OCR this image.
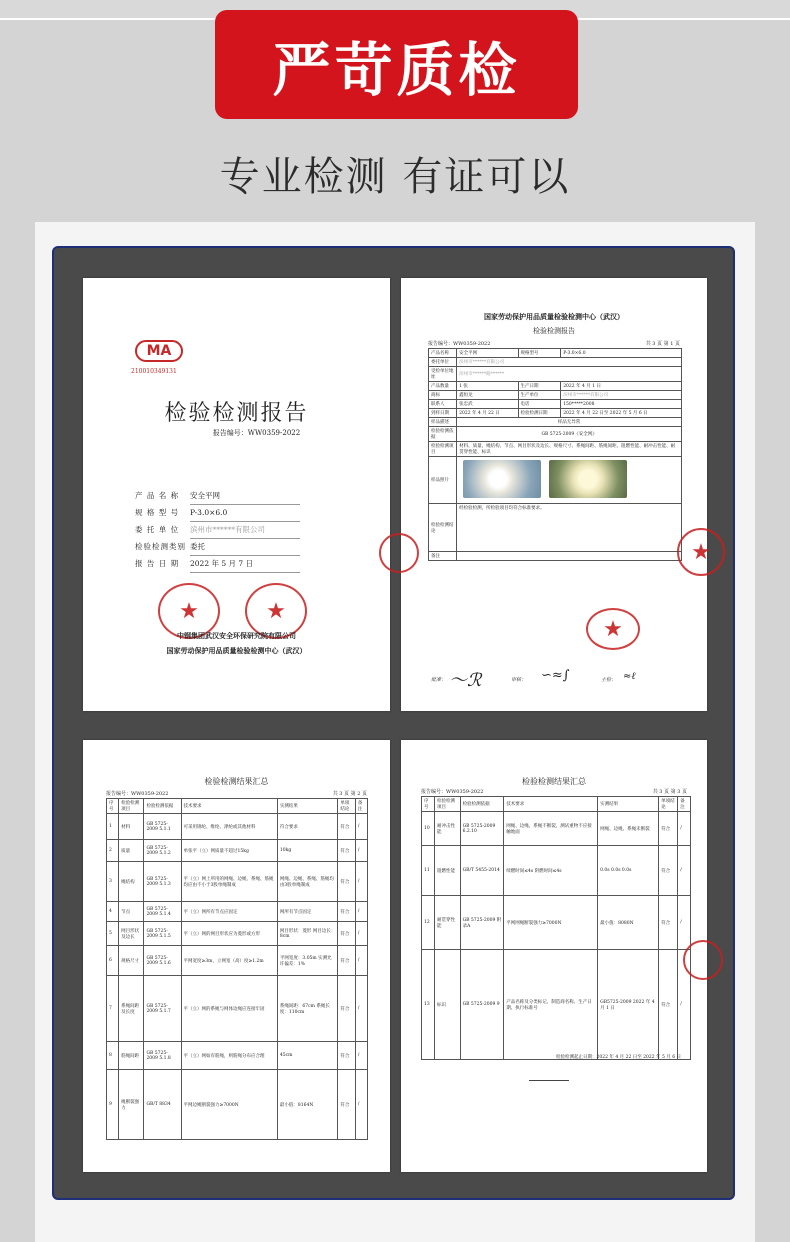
严苛质检
专业检测 有证可以
MA
210010349131
检验检测报告
报告编号：WW0359-2022
产 品 名 称	安全平网
规 格 型 号	P-3.0×6.0
委 托 单 位	滨州市******有限公司
检验检测类别 委托
报 告 日 期	2022 年 5 月 7 日
★	★
中钢集团武汉安全环保研究院有限公司
国家劳动保护用品质量检验检测中心（武汉）
国家劳动保护用品质量检验检测中心（武汉）
检验检测报告
报告编号：WW0359-2022	共 3 页 第 1 页
产品名称	安全平网	规格型号	P-3.0×6.0
委托单位	滨州市******有限公司		
受检单位地址	滨州市******路******		
产品数量	1 张	生产日期	2022 年 4 月 1 日
商标	鑫恒龙	生产单位	滨州市******有限公司
联系人	张忠武	电话	150*****2008
到样日期	2022 年 4 月 22 日	检验检测日期	2022 年 4 月 22 日至 2022 年 5 月 6 日
样品描述	样品无异常		
检验检测依据	GB 5725-2009《安全网》		
检验检测项目	材料、质量、绳结构、节点、网目形状及边长、规格尺寸、系绳间距、筋绳间距、阻燃性能、耐冲击性能、耐贯穿性能、标识		
样品照片			
检验检测结论	经检验检测，所检验项目均符合标准要求。		
备注			
★
★
批准： 〜ℛ	审核： ∽≈∫	主检： ≈ℓ
检验检测结果汇总
报告编号：WW0359-2022	共 3 页 第 2 页
序号	检验检测项目	检验检测依据	技术要求	实测结果	单项结论	备注
1	材料	GB 5725-2009 5.1.1	可采用锦纶、维纶、涤纶或其他材料	符合要求	符合	/
2	质量	GB 5725-2009 5.1.2	单张平（立）网质量不超过15kg	10kg	符合	/
3	绳结构	GB 5725-2009 5.1.3	平（立）网上所用的网绳、边绳、系绳、筋绳均应由不小于3股单绳制成	网绳、边绳、系绳、筋绳均由3股单绳制成	符合	/
4	节点	GB 5725-2009 5.1.4	平（立）网所有节点应固定	网所有节点固定	符合	/
5	网目形状及边长	GB 5725-2009 5.1.5	平（立）网的网目形状应为菱形或方形	网目形状：菱形 网目边长：8cm	符合	/
6	规格尺寸	GB 5725-2009 5.1.6	平网宽度≥3m，立网宽（高）度≥1.2m	平网宽度：3.05m 实测允许偏差：1%	符合	/
7	系绳间距及长度	GB 5725-2009 5.1.7	平（立）网的系绳与网体边绳应连接牢固	系绳间距：67cm 系绳长度：110cm	符合	/
8	筋绳间距	GB 5725-2009 5.1.8	平（立）网如有筋绳，则筋绳分布应合理	45cm	符合	/
9	绳断裂强力	GB/T 8834	平网边绳断裂强力≥7000N	最小值：8164N	符合	/
检验检测结果汇总
报告编号：WW0359-2022	共 3 页 第 3 页
序号	检验检测项目	检验检测依据	技术要求	实测结果	单项结论	备注
10	耐冲击性能	GB 5725-2009 6.2.10	网绳、边绳、系绳不断裂，测试重物不应接触地面	网绳、边绳、系绳未断裂	符合	/
11	阻燃性能	GB/T 5455-2014	续燃时间≤4s 阴燃时间≤4s	0.0s 0.0s 0.0s	符合	/
12	耐贯穿性能	GB 5725-2009 附录A	平网网绳断裂强力≥7000N	最小值：8080N	符合	/
13	标识	GB 5725-2009 9	产品名称及分类标记、制造商名称、生产日期、执行标准号	GB5725-2009 2022 年 4 月 1 日	符合	/
检验检测起止日期：2022 年 4 月 22 日至 2022 年 5 月 6 日
